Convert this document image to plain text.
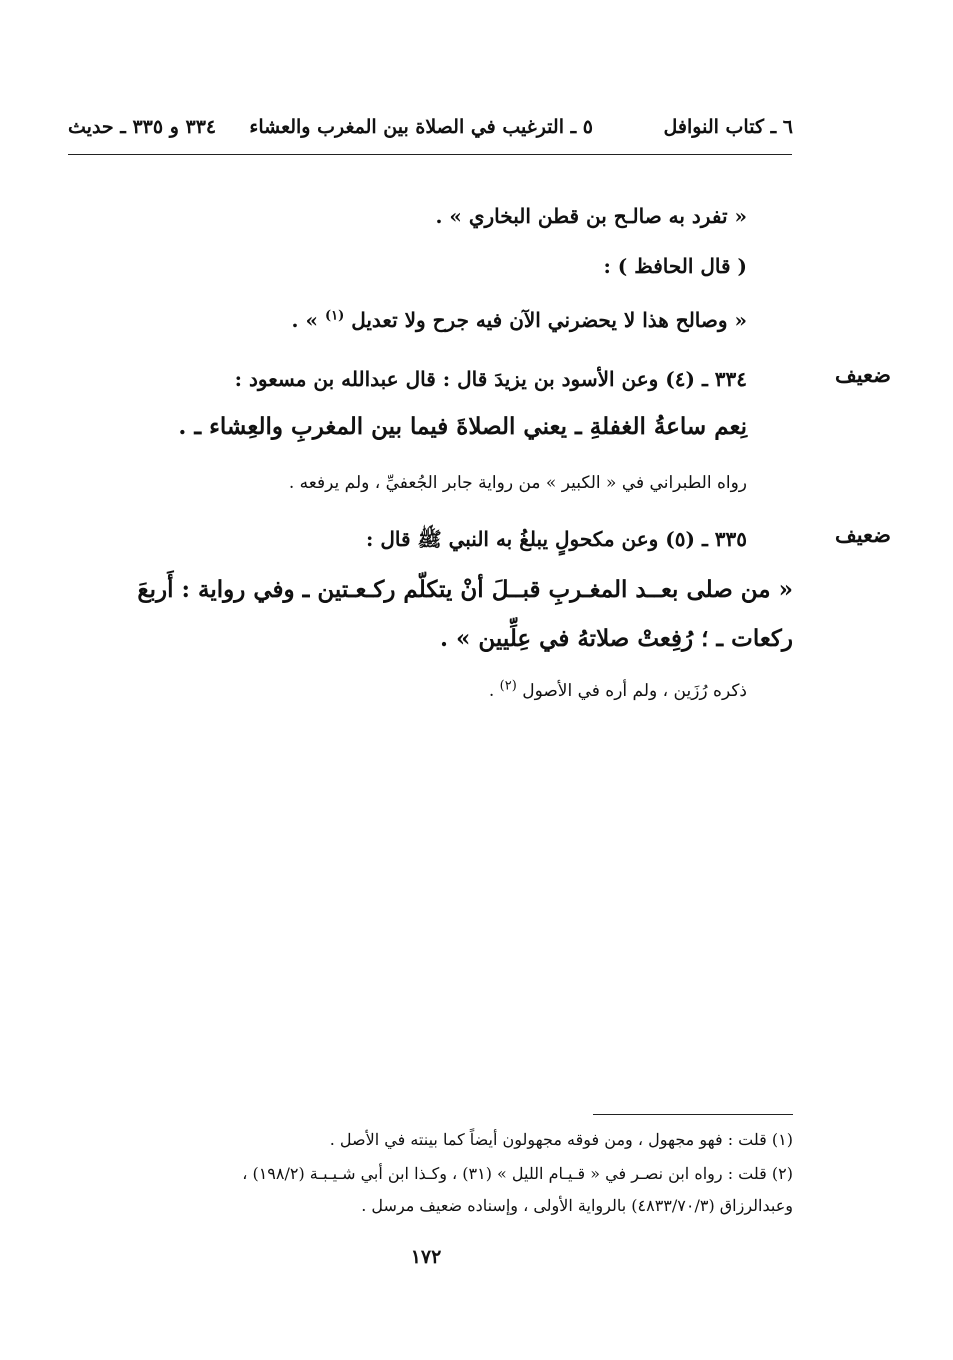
٦ ـ كتاب النوافل
٥ ـ الترغيب في الصلاة بين المغرب والعشاء
٣٣٤ و ٣٣٥ ـ حديث
« تفرد به صالـح بن قطن البخاري » .
( قال الحافظ ) :
« وصالح هذا لا يحضرني الآن فيه جرح ولا تعديل $^{(١)}$ » .
ضعيف
٣٣٤ ـ (٤) وعن الأسود بن يزيدَ قال : قال عبدالله بن مسعود :
نِعم ساعةُ الغفلةِ ـ يعني الصلاةَ فيما بين المغربِ والعِشاء ـ .
رواه الطبراني في « الكبير » من رواية جابر الجُعفيِّ ، ولم يرفعه .
ضعيف
٣٣٥ ـ (٥) وعن مكحولٍ يبلغُ به النبي ﷺ قال :
« من صلى بعــد المغـربِ قبــلَ أنْ يتكلّم ركـعـتين ـ وفي رواية : أَربعَ
ركعات ـ ؛ رُفِعتْ صلاتهُ في عِلِّيين » .
ذكره رُزَين ، ولم أره في الأصول $^{(٢)}$ .
(١) قلت : فهو مجهول ، ومن فوقه مجهولون أيضاً كما بينته في الأصل .
(٢) قلت : رواه ابن نصـر في « قـيـام الليل » (٣١) ، وكـذا ابن أبي شـيـبـة (١٩٨/٢) ،
وعبدالرزاق (٤٨٣٣/٧٠/٣) بالرواية الأولى ، وإسناده ضعيف مرسل .
١٧٢
